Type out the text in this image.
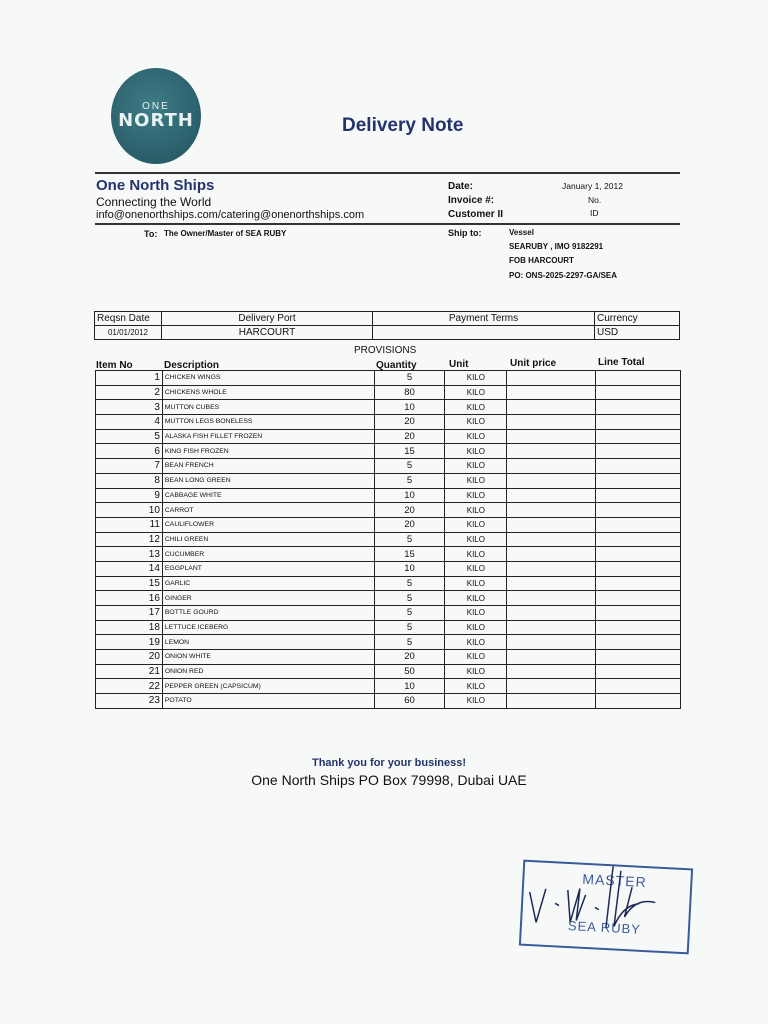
ONE
NORTH	Delivery Note
One North Ships
Connecting the World
info@onenorthships.com/catering@onenorthships.com
Date:	January 1, 2012
Invoice #:	No.
Customer II	ID
To: The Owner/Master of SEA RUBY	Ship to:	Vessel
SEARUBY , IMO 9182291
FOB HARCOURT
PO: ONS-2025-2297-GA/SEA
Reqsn Date	Delivery Port	Payment Terms	Currency
01/01/2012	HARCOURT		USD
PROVISIONS
Item No	Description	Quantity	Unit	Unit price	Line Total
1	CHICKEN WINGS	5	KILO		
2	CHICKENS WHOLE	80	KILO		
3	MUTTON CUBES	10	KILO		
4	MUTTON LEGS BONELESS	20	KILO		
5	ALASKA FISH FILLET FROZEN	20	KILO		
6	KING FISH FROZEN	15	KILO		
7	BEAN FRENCH	5	KILO		
8	BEAN LONG GREEN	5	KILO		
9	CABBAGE WHITE	10	KILO		
10	CARROT	20	KILO		
11	CAULIFLOWER	20	KILO		
12	CHILI GREEN	5	KILO		
13	CUCUMBER	15	KILO		
14	EGGPLANT	10	KILO		
15	GARLIC	5	KILO		
16	GINGER	5	KILO		
17	BOTTLE GOURD	5	KILO		
18	LETTUCE ICEBERG	5	KILO		
19	LEMON	5	KILO		
20	ONION WHITE	20	KILO		
21	ONION RED	50	KILO		
22	PEPPER GREEN (CAPSICUM)	10	KILO		
23	POTATO	60	KILO		
Thank you for your business!
One North Ships PO Box 79998, Dubai UAE
MASTER
SEA RUBY
